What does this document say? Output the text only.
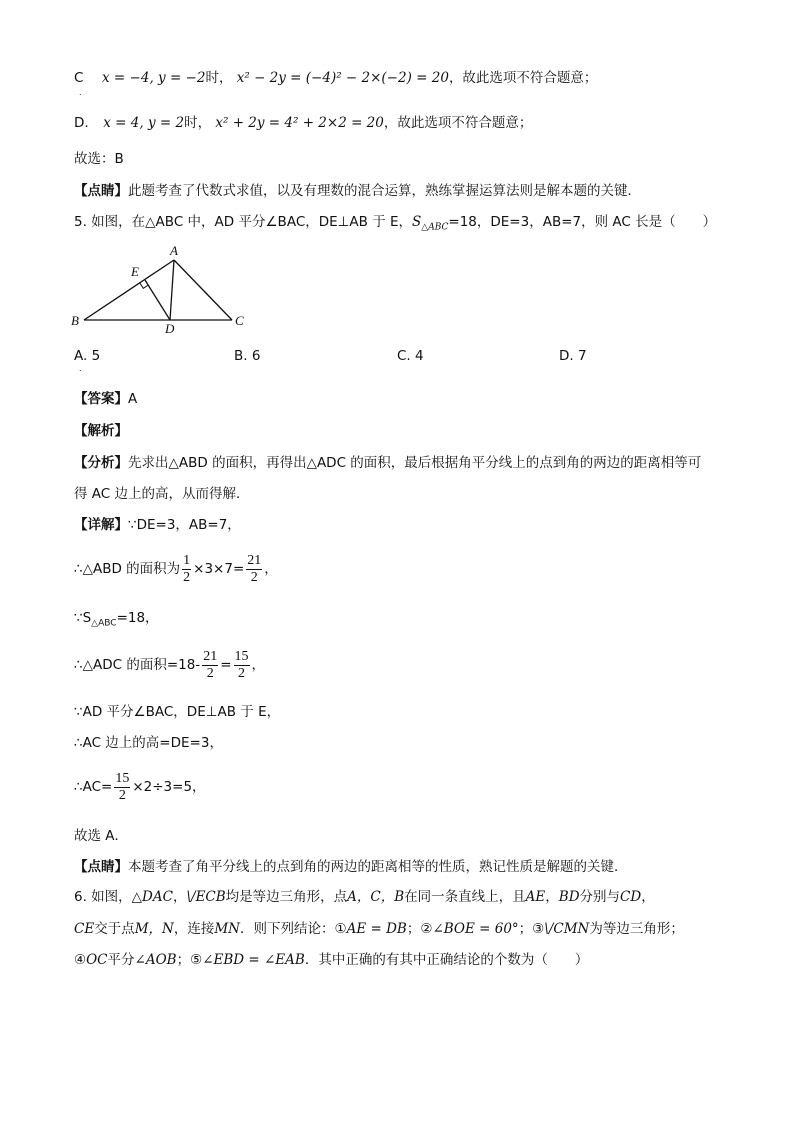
C x = −4, y = −2时， x² − 2y = (−4)² − 2×(−2) = 20，故此选项不符合题意；
.
D. x = 4, y = 2时， x² + 2y = 4² + 2×2 = 20，故此选项不符合题意；
故选：B
【点睛】此题考查了代数式求值，以及有理数的混合运算，熟练掌握运算法则是解本题的关键．
5. 如图，在△ABC 中，AD 平分∠BAC，DE⊥AB 于 E，$S_{\triangle ABC}=18$，DE=3，AB=7，则 AC 长是（　　）
A
B	C
D
E
A. 5
.
B. 6	C. 4	D. 7
【答案】A
【解析】
【分析】先求出△ABD 的面积，再得出△ADC 的面积，最后根据角平分线上的点到角的两边的距离相等可
得 AC 边上的高，从而得解．
【详解】∵DE=3，AB=7，
∴△ABD 的面积为 $\frac{1}{2} \times 3\times 7= \frac{21}{2}$ ，
$\because S_{\triangle ABC}=18$，
∴△ADC 的面积$=18- \frac{21}{2} = \frac{15}{2}$ ，
∵AD 平分∠BAC，DE⊥AB 于 E，
∴AC 边上的高=DE=3，
∴AC= $\frac{15}{2} \times 2\div 3=5$，
故选 A．
【点睛】本题考查了角平分线上的点到角的两边的距离相等的性质，熟记性质是解题的关键．
6. 如图，△DAC，\/ECB均是等边三角形，点A，C，B在同一条直线上，且AE，BD分别与CD，
CE交于点M，N，连接MN．则下列结论：①AE = DB；②∠BOE = 60°；③\/CMN为等边三角形；
④OC平分∠AOB；⑤∠EBD = ∠EAB．其中正确的有其中正确结论的个数为（　　）
